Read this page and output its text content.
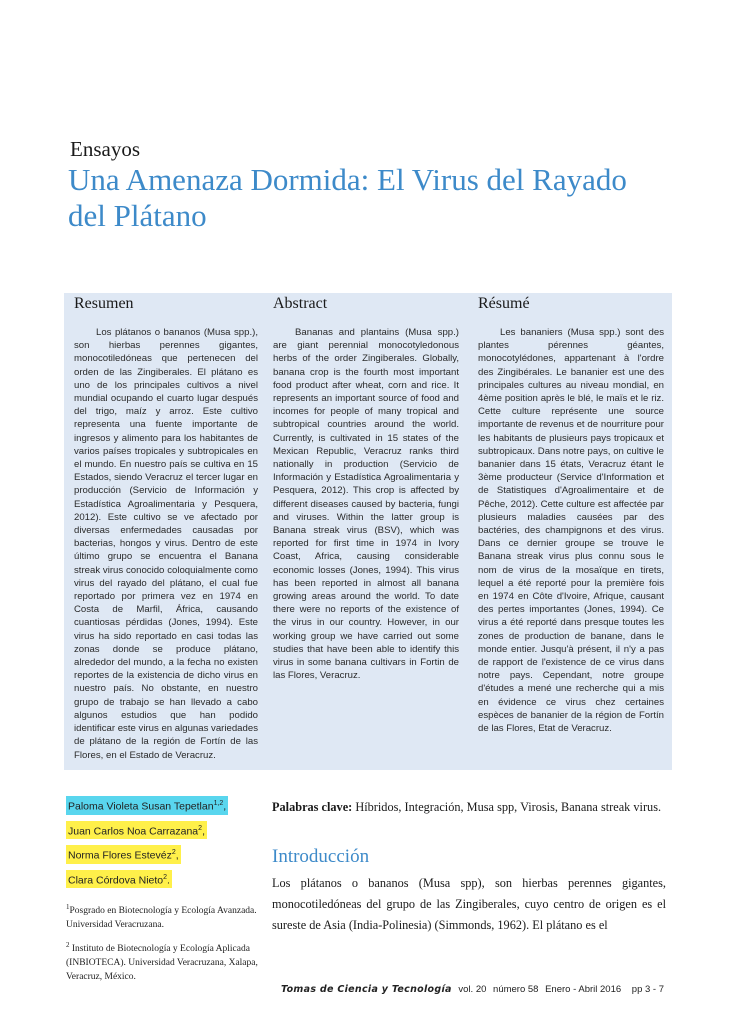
Ensayos
Una Amenaza Dormida: El Virus del Rayado del Plátano
Resumen

Los plátanos o bananos (Musa spp.), son hierbas perennes gigantes, monocotiledóneas que pertenecen del orden de las Zingiberales. El plátano es uno de los principales cultivos a nivel mundial ocupando el cuarto lugar después del trigo, maíz y arroz. Este cultivo representa una fuente importante de ingresos y alimento para los habitantes de varios países tropicales y subtropicales en el mundo. En nuestro país se cultiva en 15 Estados, siendo Veracruz el tercer lugar en producción (Servicio de Información y Estadística Agroalimentaria y Pesquera, 2012). Este cultivo se ve afectado por diversas enfermedades causadas por bacterias, hongos y virus. Dentro de este último grupo se encuentra el Banana streak virus conocido coloquialmente como virus del rayado del plátano, el cual fue reportado por primera vez en 1974 en Costa de Marfil, África, causando cuantiosas pérdidas (Jones, 1994). Este virus ha sido reportado en casi todas las zonas donde se produce plátano, alrededor del mundo, a la fecha no existen reportes de la existencia de dicho virus en nuestro país. No obstante, en nuestro grupo de trabajo se han llevado a cabo algunos estudios que han podido identificar este virus en algunas variedades de plátano de la región de Fortín de las Flores, en el Estado de Veracruz.

Abstract

Bananas and plantains (Musa spp.) are giant perennial monocotyledonous herbs of the order Zingiberales. Globally, banana crop is the fourth most important food product after wheat, corn and rice. It represents an important source of food and incomes for people of many tropical and subtropical countries around the world. Currently, is cultivated in 15 states of the Mexican Republic, Veracruz ranks third nationally in production (Servicio de Información y Estadística Agroalimentaria y Pesquera, 2012). This crop is affected by different diseases caused by bacteria, fungi and viruses. Within the latter group is Banana streak virus (BSV), which was reported for first time in 1974 in Ivory Coast, Africa, causing considerable economic losses (Jones, 1994). This virus has been reported in almost all banana growing areas around the world. To date there were no reports of the existence of the virus in our country. However, in our working group we have carried out some studies that have been able to identify this virus in some banana cultivars in Fortin de las Flores, Veracruz.

Résumé

Les bananiers (Musa spp.) sont des plantes pérennes géantes, monocotylédones, appartenant à l'ordre des Zingibérales. Le bananier est une des principales cultures au niveau mondial, en 4ème position après le blé, le maïs et le riz. Cette culture représente une source importante de revenus et de nourriture pour les habitants de plusieurs pays tropicaux et subtropicaux. Dans notre pays, on cultive le bananier dans 15 états, Veracruz étant le 3ème producteur (Service d'Information et de Statistiques d'Agroalimentaire et de Pêche, 2012). Cette culture est affectée par plusieurs maladies causées par des bactéries, des champignons et des virus. Dans ce dernier groupe se trouve le Banana streak virus plus connu sous le nom de virus de la mosaïque en tirets, lequel a été reporté pour la première fois en 1974 en Côte d'Ivoire, Afrique, causant des pertes importantes (Jones, 1994). Ce virus a été reporté dans presque toutes les zones de production de banane, dans le monde entier. Jusqu'à présent, il n'y a pas de rapport de l'existence de ce virus dans notre pays. Cependant, notre groupe d'études a mené une recherche qui a mis en évidence ce virus chez certaines espèces de bananier de la région de Fortín de las Flores, Etat de Veracruz.

Paloma Violeta Susan Tepetlan$^{1,2}$,
Juan Carlos Noa Carrazana$^2$,
Norma Flores Estevéz$^2$,
Clara Córdova Nieto$^2$.
$^1$Posgrado en Biotecnología y Ecología Avanzada. Universidad Veracruzana.
$^2$ Instituto de Biotecnología y Ecología Aplicada (INBIOTECA). Universidad Veracruzana, Xalapa, Veracruz, México.

Palabras clave: Híbridos, Integración, Musa spp, Virosis, Banana streak virus.

Introducción

Los plátanos o bananos (Musa spp), son hierbas perennes gigantes, monocotiledóneas del grupo de las Zingiberales, cuyo centro de origen es el sureste de Asia (India-Polinesia) (Simmonds, 1962). El plátano es el

Tomas de Ciencia y Tecnología vol. 20 número 58 Enero - Abril 2016 pp 3 - 7
